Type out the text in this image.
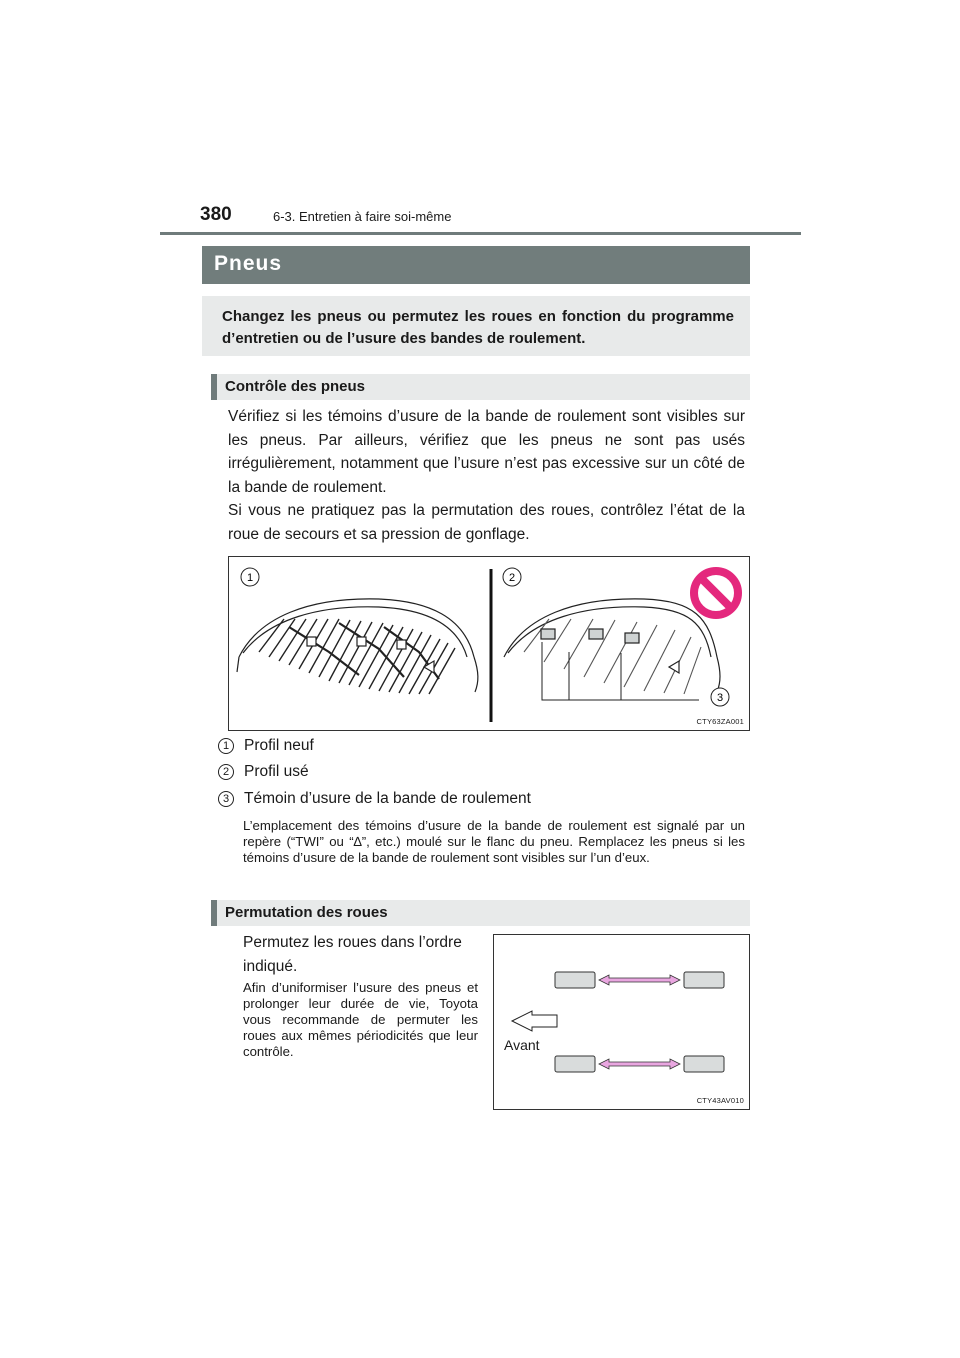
380	6-3. Entretien à faire soi-même
Pneus

Changez les pneus ou permutez les roues en fonction du programme d’entretien ou de l’usure des bandes de roulement.

Contrôle des pneus

Vérifiez si les témoins d’usure de la bande de roulement sont visibles sur les pneus. Par ailleurs, vérifiez que les pneus ne sont pas usés irrégulièrement, notamment que l’usure n’est pas excessive sur un côté de la bande de roulement.

Si vous ne pratiquez pas la permutation des roues, contrôlez l’état de la roue de secours et sa pression de gonflage.

1	2
3
CTY63ZA001
1 Profil neuf
2 Profil usé
3 Témoin d’usure de la bande de roulement

L’emplacement des témoins d’usure de la bande de roulement est signalé par un repère (“TWI” ou “∆”, etc.) moulé sur le flanc du pneu. Remplacez les pneus si les témoins d’usure de la bande de roulement sont visibles sur l’un d’eux.

Permutation des roues

Permutez les roues dans l’ordre indiqué.

Afin d’uniformiser l’usure des pneus et prolonger leur durée de vie, Toyota vous recommande de permuter les roues aux mêmes périodicités que leur contrôle.	Avant
CTY43AV010
